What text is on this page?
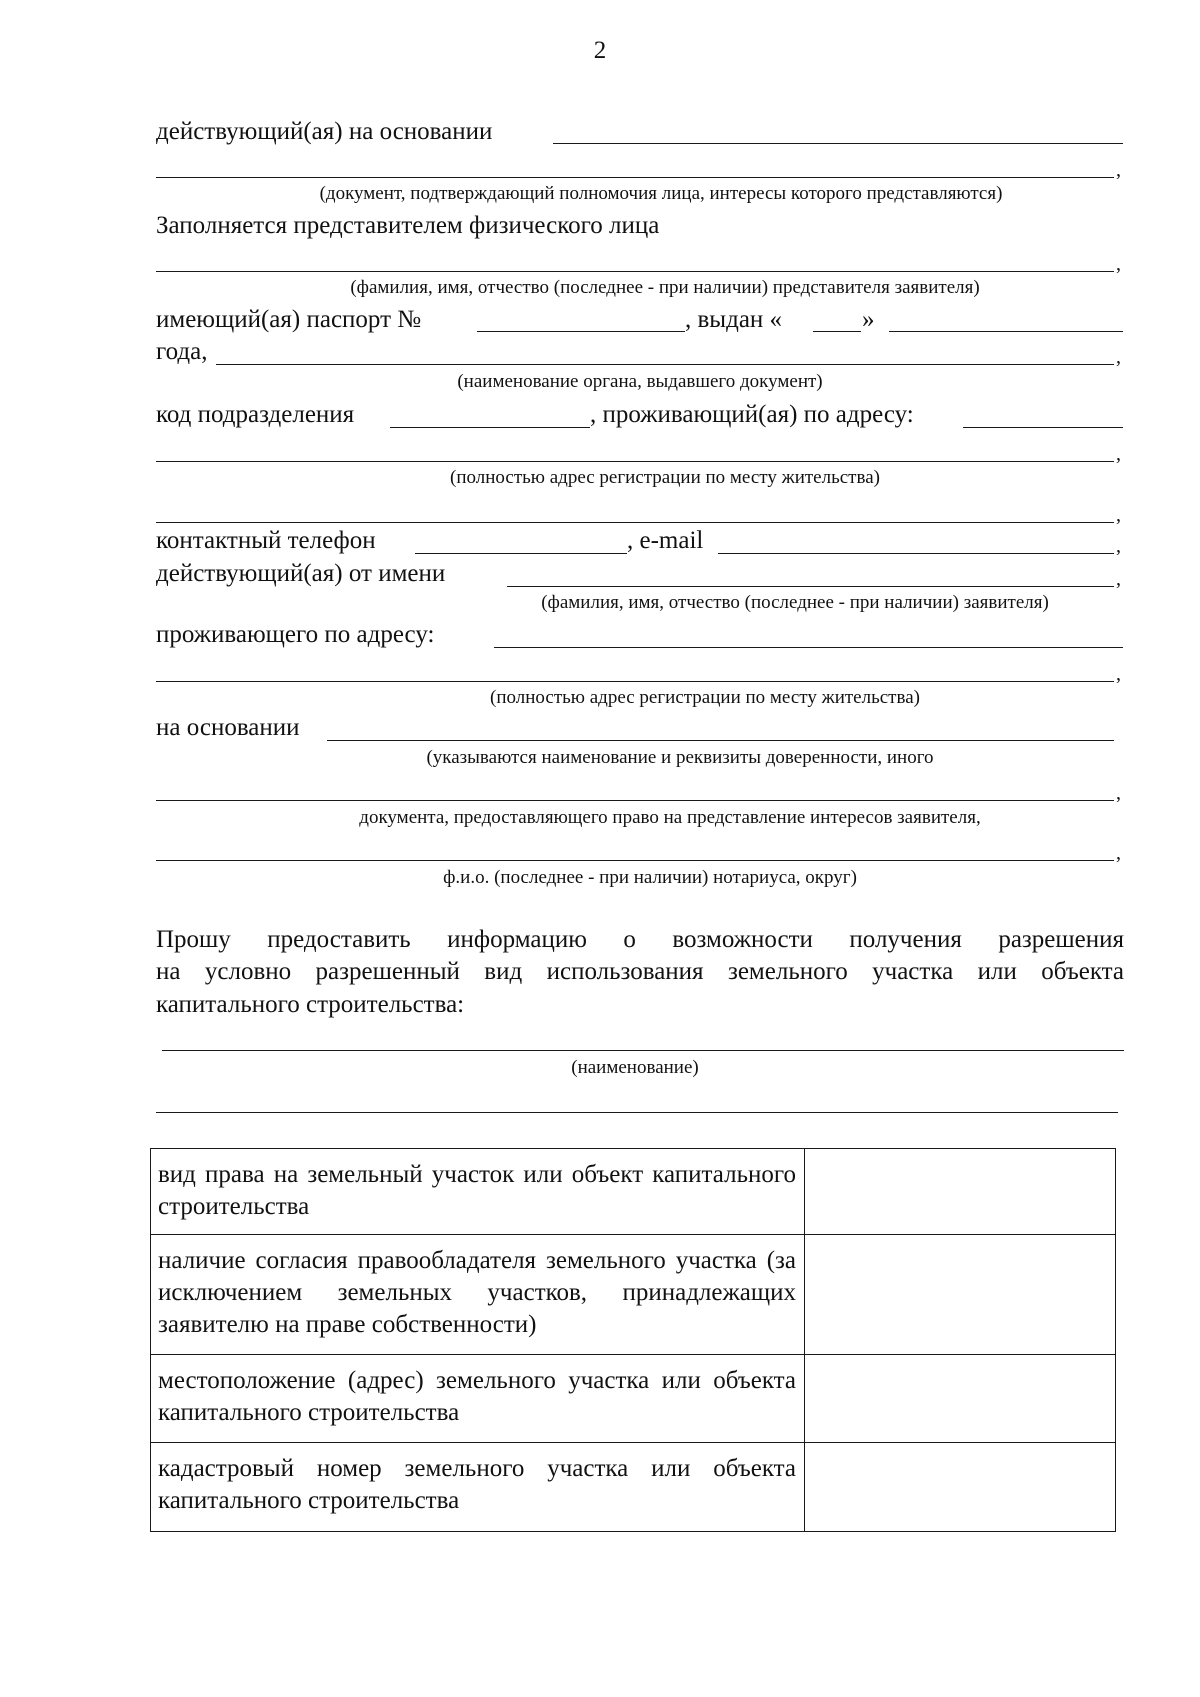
2
действующий(ая) на основании
,
(документ, подтверждающий полномочия лица, интересы которого представляются)
Заполняется представителем физического лица
,
(фамилия, имя, отчество (последнее - при наличии) представителя заявителя)
имеющий(ая) паспорт №	, выдан «	»
года,	,
(наименование органа, выдавшего документ)
код подразделения	, проживающий(ая) по адресу:
,
(полностью адрес регистрации по месту жительства)
,
контактный телефон	, e-mail	,
действующий(ая) от имени	,
(фамилия, имя, отчество (последнее - при наличии) заявителя)
проживающего по адресу:
,
(полностью адрес регистрации по месту жительства)
на основании
(указываются наименование и реквизиты доверенности, иного
,
документа, предоставляющего право на представление интересов заявителя,
,
ф.и.о. (последнее - при наличии) нотариуса, округ)
Прошу предоставить информацию о возможности получения разрешения
на условно разрешенный вид использования земельного участка или объекта
капитального строительства:
(наименование)
вид права на земельный участок или объект капитального строительства	

наличие согласия правообладателя земельного участка (за исключением земельных участков, принадлежащих заявителю на праве собственности)	

местоположение (адрес) земельного участка или объекта капитального строительства	

кадастровый номер земельного участка или объекта капитального строительства	
